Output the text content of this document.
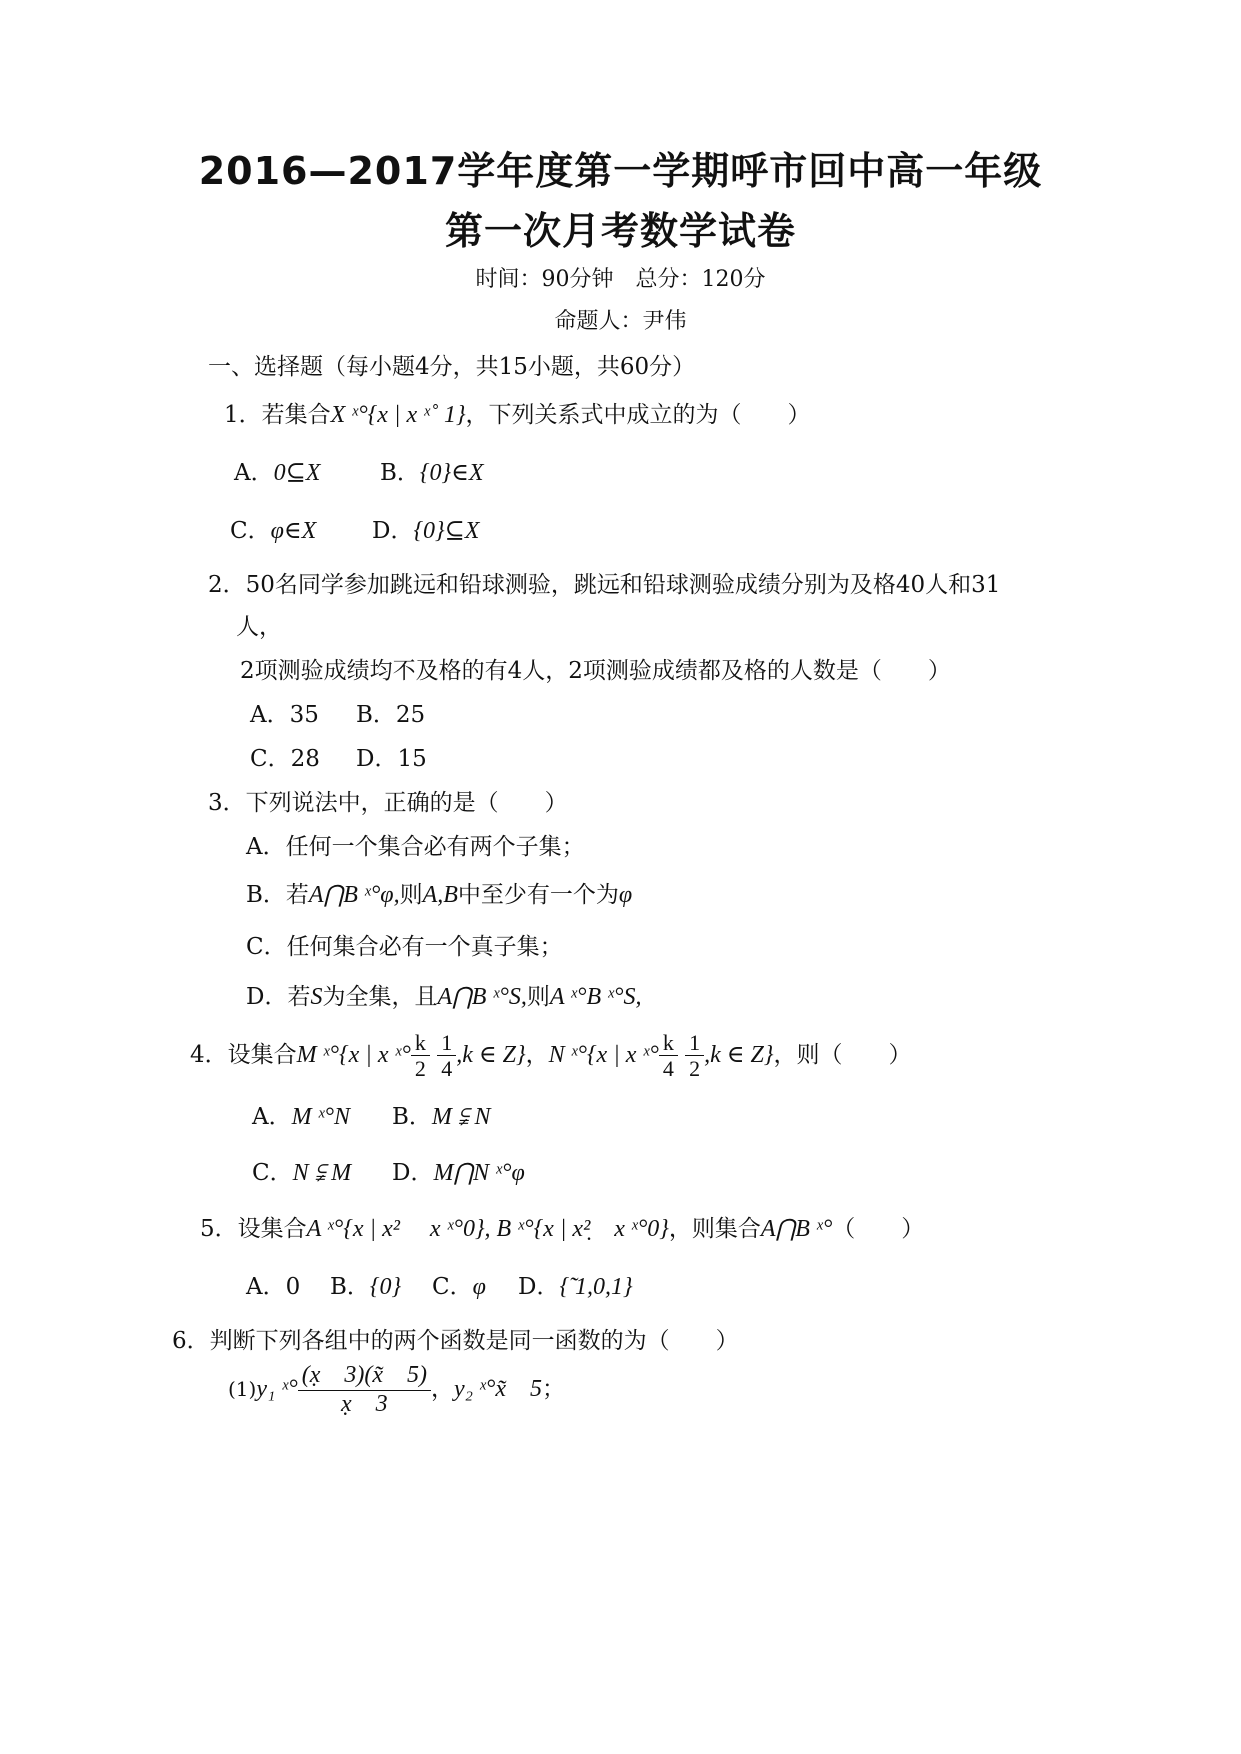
2016—2017学年度第一学期呼市回中高一年级
第一次月考数学试卷
时间：90分钟　总分：120分
命题人：尹伟
一、选择题（每小题4分，共15小题，共60分）
1．若集合X ˣ°{x | x ˣ˚ 1}，下列关系式中成立的为（　　）
A．0⊆X	B．{0}∈X
C．φ∈X D．{0}⊆X
2．50名同学参加跳远和铅球测验，跳远和铅球测验成绩分别为及格40人和31
人，
2项测验成绩均不及格的有4人，2项测验成绩都及格的人数是（　　）
A．35 B．25
C．28 D．15
3．下列说法中，正确的是（　　）
A．任何一个集合必有两个子集；
B．若A⋂B ˣ°φ,则A,B中至少有一个为φ
C．任何集合必有一个真子集；
D．若S为全集，且A⋂B ˣ°S,则A ˣ°B ˣ°S,
4．设集合M ˣ°{x | x ˣ° $\frac{k}{2}$
$\frac{1}{4} ,k$ ∈ Z}，N ˣ°{x | x ˣ° $\frac{k}{4}$
$\frac{1}{2} ,k$ ∈ Z}，则（　　）
A．M ˣ°N B．M ⫋ N
C．N ⫋ M D．M⋂N ˣ°φ
5．设集合A ˣ°{x | x² 　x ˣ°0}, B ˣ°{x | x²̣　x ˣ°0}，则集合A⋂B ˣ°（　　）
A．0 B．{0} C．φ D．{̃ 1,0,1}
6．判断下列各组中的两个函数是同一函数的为（　　）
(1)y₁ ˣ° $\frac{(x̣ 3)(x̃ 5)}{x̣ 3}$ ，y₂ ˣ°x̃　5；
